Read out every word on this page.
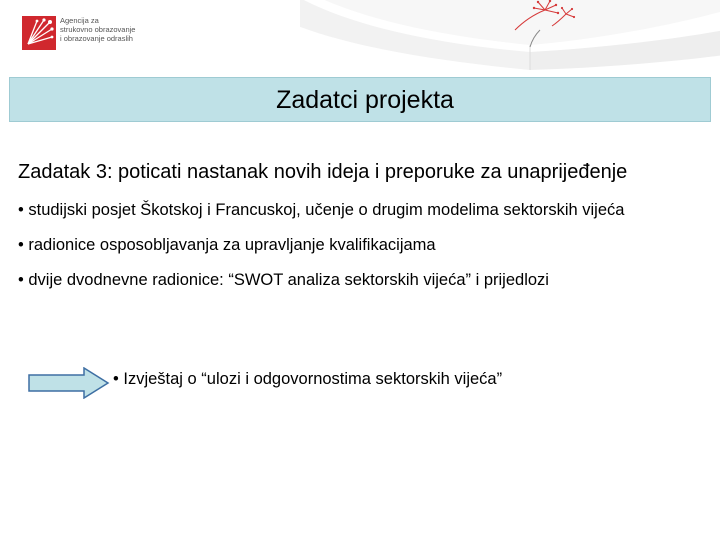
Agencija za
strukovno obrazovanje
i obrazovanje odraslih
Zadatci projekta

Zadatak 3: poticati nastanak novih ideja i preporuke za unaprijeđenje

• studijski posjet Škotskoj i Francuskoj, učenje o drugim modelima sektorskih vijeća

• radionice osposobljavanja za upravljanje kvalifikacijama

• dvije dvodnevne radionice: “SWOT analiza sektorskih vijeća” i prijedlozi

• Izvještaj o “ulozi i odgovornostima sektorskih vijeća”
